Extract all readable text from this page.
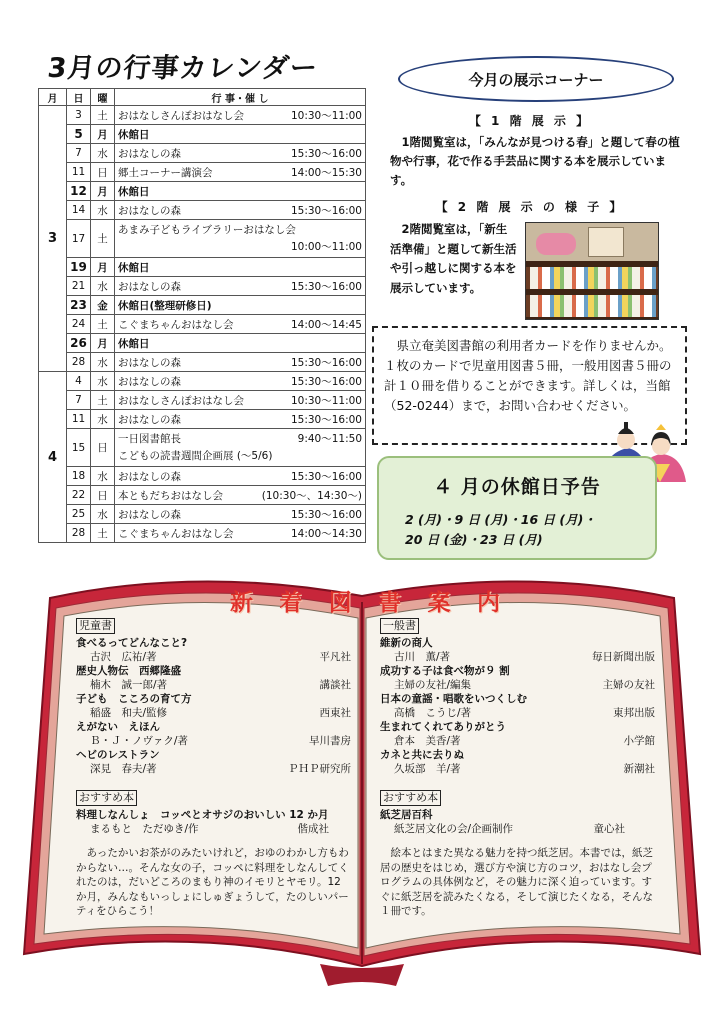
3月の行事カレンダー
月	日	曜	行 事・催 し
3	3	土	おはなしさんぽおはなし会 10:30～11:00

	5	月	休館日

	7	水	おはなしの森 15:30～16:00

	11	日	郷土コーナー講演会 14:00～15:30

	12	月	休館日

	14	水	おはなしの森 15:30～16:00

	17	土	あまみ子どもライブラリーおはなし会
10:00～11:00

	19	月	休館日

	21	水	おはなしの森 15:30～16:00

	23	金	休館日(整理研修日)

	24	土	こぐまちゃんおはなし会 14:00～14:45

	26	月	休館日

	28	水	おはなしの森 15:30～16:00

4	4	水	おはなしの森 15:30～16:00

	7	土	おはなしさんぽおはなし会 10:30～11:00

	11	水	おはなしの森 15:30～16:00

	15	日	一日図書館長 9:40～11:50
こどもの読書週間企画展 (～5/6)

	18	水	おはなしの森 15:30～16:00

	22	日	本ともだちおはなし会 (10:30～、14:30～)

	25	水	おはなしの森 15:30～16:00

	28	土	こぐまちゃんおはなし会 14:00～14:30
今月の展示コーナー
【 1 階 展 示 】
1階閲覧室は，「みんなが見つける春」と題して春の植物や行事，花で作る手芸品に関する本を展示しています。
【 2 階 展 示 の 様 子 】
2階閲覧室は，「新生活準備」と題して新生活や引っ越しに関する本を展示しています。
県立奄美図書館の利用者カードを作りませんか。１枚のカードで児童用図書５冊，一般用図書５冊の計１０冊を借りることができます。詳しくは，当館（52-0244）まで，お問い合わせください。
４ 月の休館日予告
2 (月)・9 日 (月)・16 日 (月)・
20 日 (金)・23 日 (月)
新 着 図 書 案 内
児童書
食べるってどんなこと?
古沢　広祐/著	平凡社
歴史人物伝　西郷隆盛
楠木　誠一郎/著	講談社
子ども　こころの育て方
稲盛　和夫/監修	西東社
えがない　えほん
Ｂ・Ｊ・ノヴァク/著	早川書房
ヘビのレストラン
深見　春夫/著	ＰＨＰ研究所
おすすめ本
料理しなんしょ　コッペとオサジのおいしい 12 か月
まるもと　ただゆき/作	偕成社
あったかいお茶がのみたいけれど，おゆのわかし方もわからない…。そんな女の子，コッペに料理をしなんしてくれたのは，だいどころのまもり神のイモリとヤモリ。12 か月，みんなもいっしょにしゅぎょうして，たのしいパーティをひらこう！
一般書
維新の商人
古川　薫/著	毎日新聞出版
成功する子は食べ物が９ 割
主婦の友社/編集	主婦の友社
日本の童謡・唱歌をいつくしむ
高橋　こうじ/著	東邦出版
生まれてくれてありがとう
倉本　美香/著	小学館
カネと共に去りぬ
久坂部　羊/著	新潮社
おすすめ本
紙芝居百科
紙芝居文化の会/企画制作	童心社
絵本とはまた異なる魅力を持つ紙芝居。本書では，紙芝居の歴史をはじめ，選び方や演じ方のコツ，おはなし会プログラムの具体例など，その魅力に深く迫っています。すぐに紙芝居を読みたくなる，そして演じたくなる，そんな１冊です。
